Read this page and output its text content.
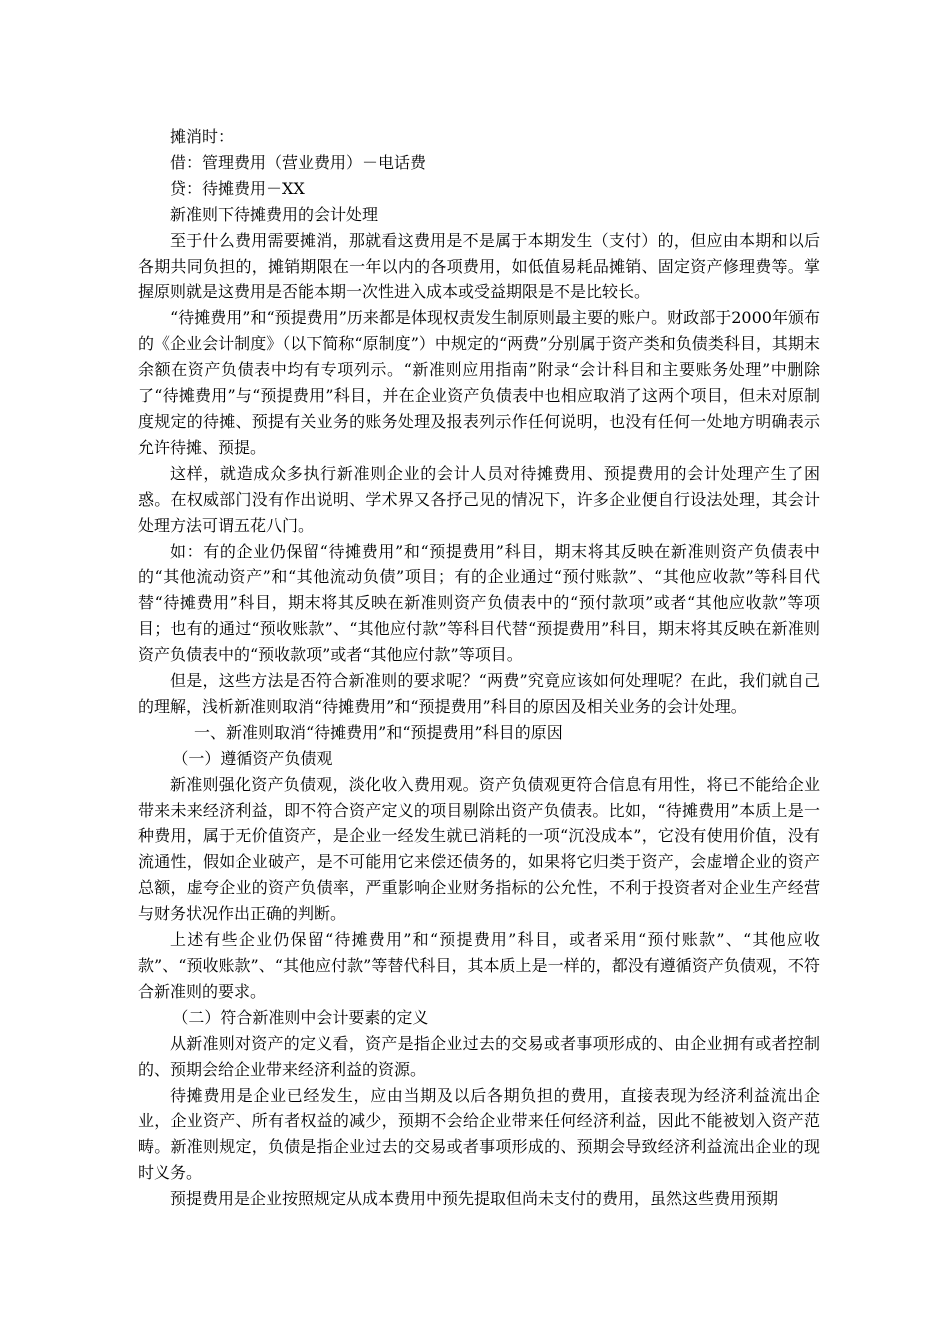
摊消时：

借：管理费用（营业费用）－电话费

贷：待摊费用－XX

新准则下待摊费用的会计处理

至于什么费用需要摊消，那就看这费用是不是属于本期发生（支付）的，但应由本期和以后各期共同负担的，摊销期限在一年以内的各项费用，如低值易耗品摊销、固定资产修理费等。掌握原则就是这费用是否能本期一次性进入成本或受益期限是不是比较长。

“待摊费用”和“预提费用”历来都是体现权责发生制原则最主要的账户。财政部于2000年颁布的《企业会计制度》（以下简称“原制度”）中规定的“两费”分别属于资产类和负债类科目，其期末余额在资产负债表中均有专项列示。“新准则应用指南”附录“会计科目和主要账务处理”中删除了“待摊费用”与“预提费用”科目，并在企业资产负债表中也相应取消了这两个项目，但未对原制度规定的待摊、预提有关业务的账务处理及报表列示作任何说明，也没有任何一处地方明确表示允许待摊、预提。

这样，就造成众多执行新准则企业的会计人员对待摊费用、预提费用的会计处理产生了困惑。在权威部门没有作出说明、学术界又各抒己见的情况下，许多企业便自行设法处理，其会计处理方法可谓五花八门。

如：有的企业仍保留“待摊费用”和“预提费用”科目，期末将其反映在新准则资产负债表中的“其他流动资产”和“其他流动负债”项目；有的企业通过“预付账款”、“其他应收款”等科目代替“待摊费用”科目，期末将其反映在新准则资产负债表中的“预付款项”或者“其他应收款”等项目；也有的通过“预收账款”、“其他应付款”等科目代替“预提费用”科目，期末将其反映在新准则资产负债表中的“预收款项”或者“其他应付款”等项目。

但是，这些方法是否符合新准则的要求呢？“两费”究竟应该如何处理呢？在此，我们就自己的理解，浅析新准则取消“待摊费用”和“预提费用”科目的原因及相关业务的会计处理。

一、新准则取消“待摊费用”和“预提费用”科目的原因

（一）遵循资产负债观

新准则强化资产负债观，淡化收入费用观。资产负债观更符合信息有用性，将已不能给企业带来未来经济利益，即不符合资产定义的项目剔除出资产负债表。比如，“待摊费用”本质上是一种费用，属于无价值资产，是企业一经发生就已消耗的一项“沉没成本”，它没有使用价值，没有流通性，假如企业破产，是不可能用它来偿还债务的，如果将它归类于资产，会虚增企业的资产总额，虚夸企业的资产负债率，严重影响企业财务指标的公允性，不利于投资者对企业生产经营与财务状况作出正确的判断。

上述有些企业仍保留“待摊费用”和“预提费用”科目，或者采用“预付账款”、“其他应收款”、“预收账款”、“其他应付款”等替代科目，其本质上是一样的，都没有遵循资产负债观，不符合新准则的要求。

（二）符合新准则中会计要素的定义

从新准则对资产的定义看，资产是指企业过去的交易或者事项形成的、由企业拥有或者控制的、预期会给企业带来经济利益的资源。

待摊费用是企业已经发生，应由当期及以后各期负担的费用，直接表现为经济利益流出企业，企业资产、所有者权益的减少，预期不会给企业带来任何经济利益，因此不能被划入资产范畴。新准则规定，负债是指企业过去的交易或者事项形成的、预期会导致经济利益流出企业的现时义务。

预提费用是企业按照规定从成本费用中预先提取但尚未支付的费用，虽然这些费用预期
